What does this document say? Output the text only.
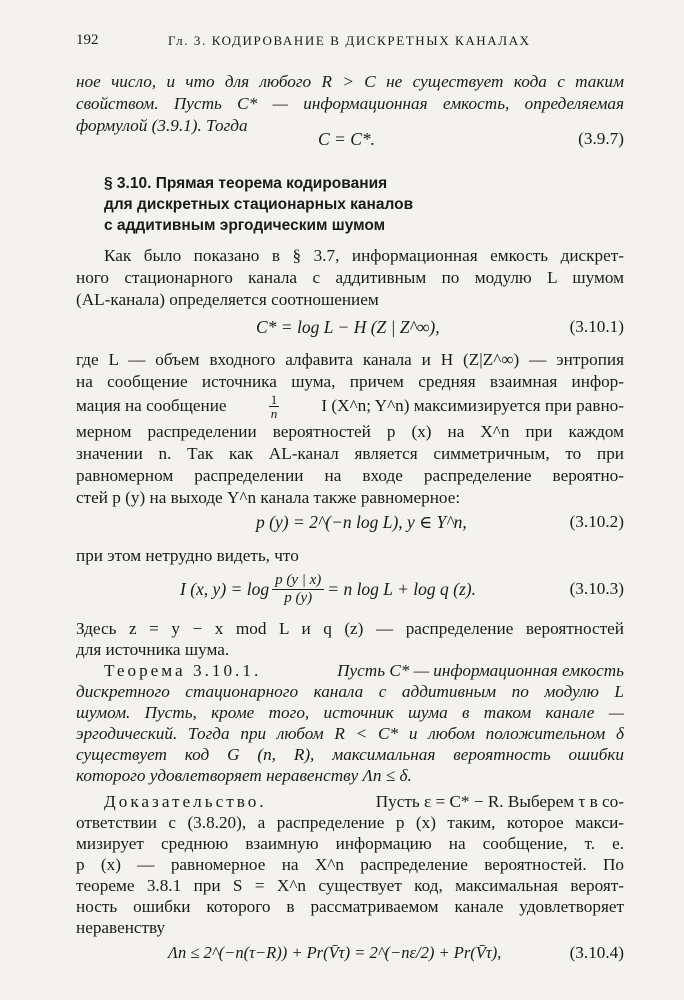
192	Гл. 3. КОДИРОВАНИЕ В ДИСКРЕТНЫХ КАНАЛАХ
ное число, и что для любого R > C не существует кода с таким
свойством. Пусть C* — информационная емкость, определяемая
формулой (3.9.1). Тогда
C = C*.	(3.9.7)
§ 3.10. Прямая теорема кодирования
для дискретных стационарных каналов
с аддитивным эргодическим шумом
Как было показано в § 3.7, информационная емкость дискрет-
ного стационарного канала с аддитивным по модулю L шумом
(AL-канала) определяется соотношением
C* = log L − H (Z | Z^∞),	(3.10.1)
где L — объем входного алфавита канала и H (Z|Z^∞) — энтропия
на сообщение источника шума, причем средняя взаимная инфор-
мация на сообщение	$\frac{1}{n}$ I (X^n; Y^n) максимизируется при равно-
мерном распределении вероятностей p (x) на X^n при каждом
значении n. Так как AL-канал является симметричным, то при
равномерном распределении на входе распределение вероятно-
стей p (y) на выходе Y^n канала также равномерное:
p (y) = 2^(−n log L), y ∈ Y^n,	(3.10.2)
при этом нетрудно видеть, что
I (x, $y) = \log \frac{p (y | x)}{p (y)} = n$ log L + log q (z).	(3.10.3)
Здесь z = y − x mod L и q (z) — распределение вероятностей
для источника шума.
Теорема 3.10.1.	Пусть C* — информационная емкость
дискретного стационарного канала с аддитивным по модулю L
шумом. Пусть, кроме того, источник шума в таком канале —
эргодический. Тогда при любом R < C* и любом положительном δ
существует код G (n, R), максимальная вероятность ошибки
которого удовлетворяет неравенству Λn ≤ δ.
Доказательство.	Пусть ε = C* − R. Выберем τ в со-
ответствии с (3.8.20), а распределение p (x) таким, которое макси-
мизирует среднюю взаимную информацию на сообщение, т. е.
p (x) — равномерное на X^n распределение вероятностей. По
теореме 3.8.1 при S = X^n существует код, максимальная вероят-
ность ошибки которого в рассматриваемом канале удовлетворяет
неравенству
Λn ≤ 2^(−n(τ−R)) + Pr(V̄τ) = 2^(−nε/2) + Pr(V̄τ),	(3.10.4)
